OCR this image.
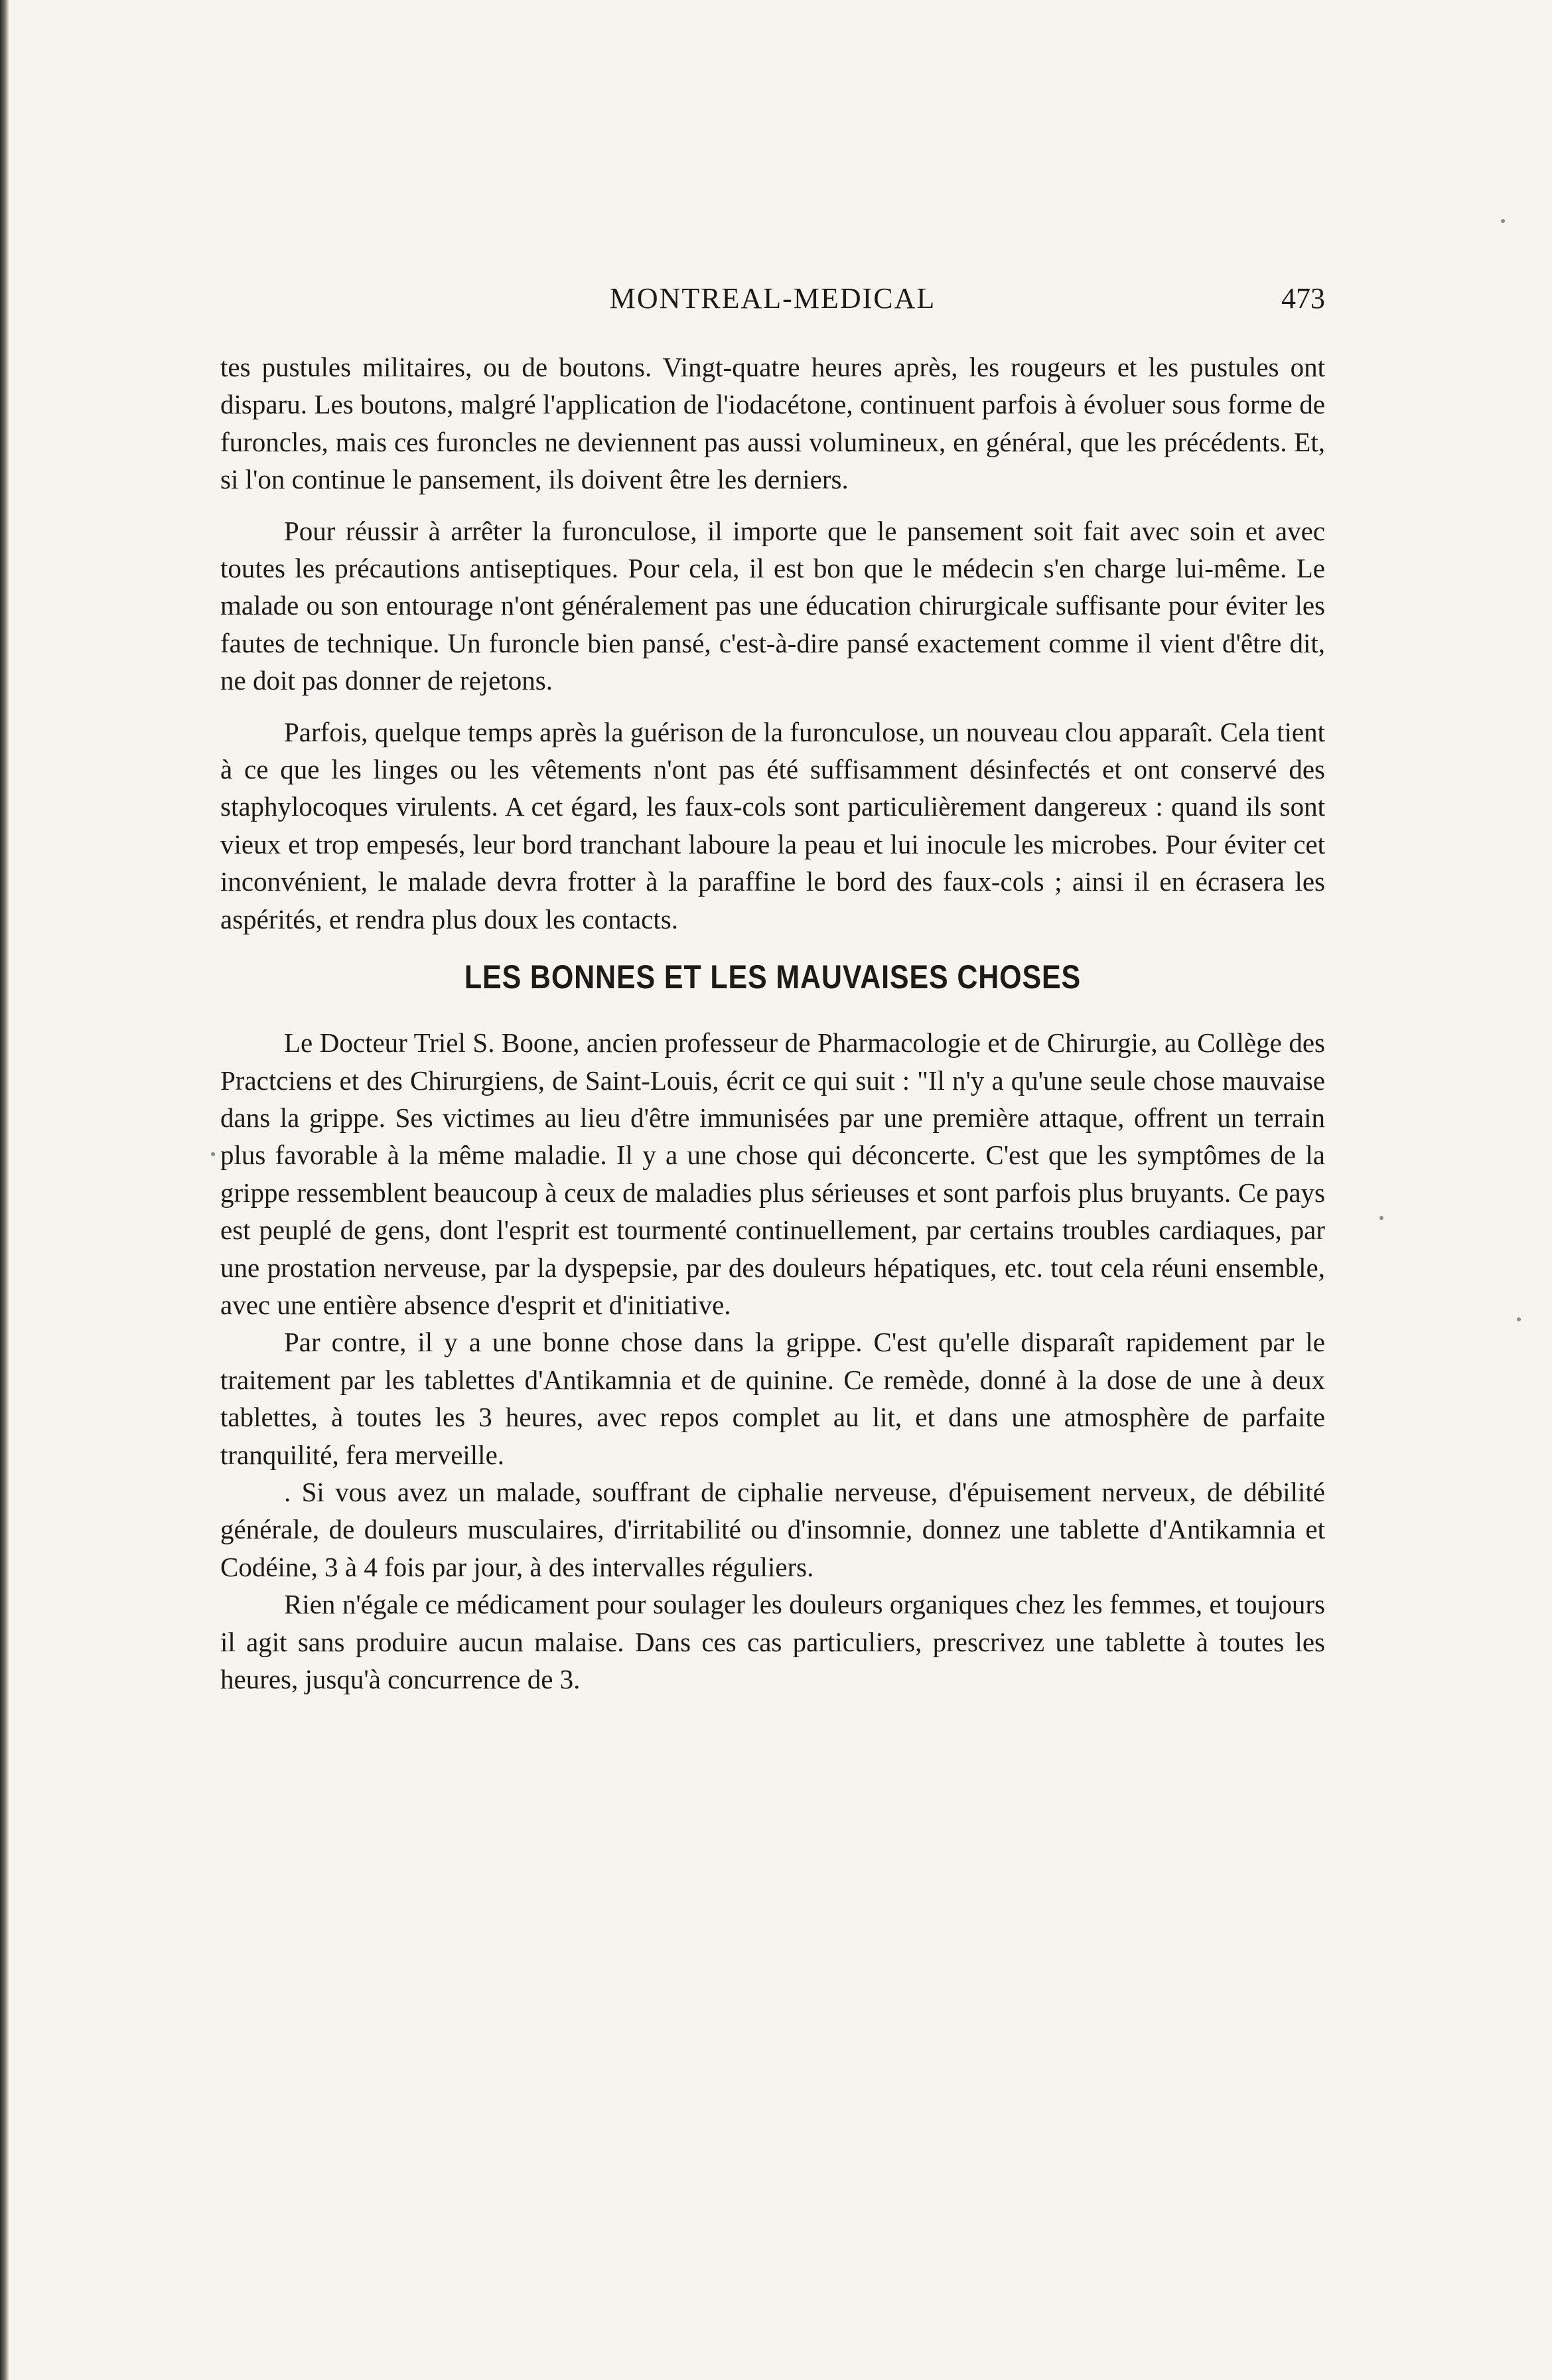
MONTREAL-MEDICAL	473

tes pustules militaires, ou de boutons. Vingt-quatre heures après, les rougeurs et les pustules ont disparu. Les boutons, malgré l'application de l'iodacétone, continuent parfois à évoluer sous forme de furoncles, mais ces furoncles ne deviennent pas aussi volumineux, en général, que les précédents. Et, si l'on continue le pansement, ils doivent être les derniers.

Pour réussir à arrêter la furonculose, il importe que le pansement soit fait avec soin et avec toutes les précautions antiseptiques. Pour cela, il est bon que le médecin s'en charge lui-même. Le malade ou son entourage n'ont généralement pas une éducation chirurgicale suffisante pour éviter les fautes de technique. Un furoncle bien pansé, c'est-à-dire pansé exactement comme il vient d'être dit, ne doit pas donner de rejetons.

Parfois, quelque temps après la guérison de la furonculose, un nouveau clou apparaît. Cela tient à ce que les linges ou les vêtements n'ont pas été suffisamment désinfectés et ont conservé des staphylocoques virulents. A cet égard, les faux-cols sont particulièrement dangereux : quand ils sont vieux et trop empesés, leur bord tranchant laboure la peau et lui inocule les microbes. Pour éviter cet inconvénient, le malade devra frotter à la paraffine le bord des faux-cols ; ainsi il en écrasera les aspérités, et rendra plus doux les contacts.

LES BONNES ET LES MAUVAISES CHOSES

Le Docteur Triel S. Boone, ancien professeur de Pharmacologie et de Chirurgie, au Collège des Practciens et des Chirurgiens, de Saint-Louis, écrit ce qui suit : "Il n'y a qu'une seule chose mauvaise dans la grippe. Ses victimes au lieu d'être immunisées par une première attaque, offrent un terrain plus favorable à la même maladie. Il y a une chose qui déconcerte. C'est que les symptômes de la grippe ressemblent beaucoup à ceux de maladies plus sérieuses et sont parfois plus bruyants. Ce pays est peuplé de gens, dont l'esprit est tourmenté continuellement, par certains troubles cardiaques, par une prostation nerveuse, par la dyspepsie, par des douleurs hépatiques, etc. tout cela réuni ensemble, avec une entière absence d'esprit et d'initiative.

Par contre, il y a une bonne chose dans la grippe. C'est qu'elle disparaît rapidement par le traitement par les tablettes d'Antikamnia et de quinine. Ce remède, donné à la dose de une à deux tablettes, à toutes les 3 heures, avec repos complet au lit, et dans une atmosphère de parfaite tranquilité, fera merveille.

. Si vous avez un malade, souffrant de ciphalie nerveuse, d'épuisement nerveux, de débilité générale, de douleurs musculaires, d'irritabilité ou d'insomnie, donnez une tablette d'Antikamnia et Codéine, 3 à 4 fois par jour, à des intervalles réguliers.

Rien n'égale ce médicament pour soulager les douleurs organiques chez les femmes, et toujours il agit sans produire aucun malaise. Dans ces cas particuliers, prescrivez une tablette à toutes les heures, jusqu'à concurrence de 3.
